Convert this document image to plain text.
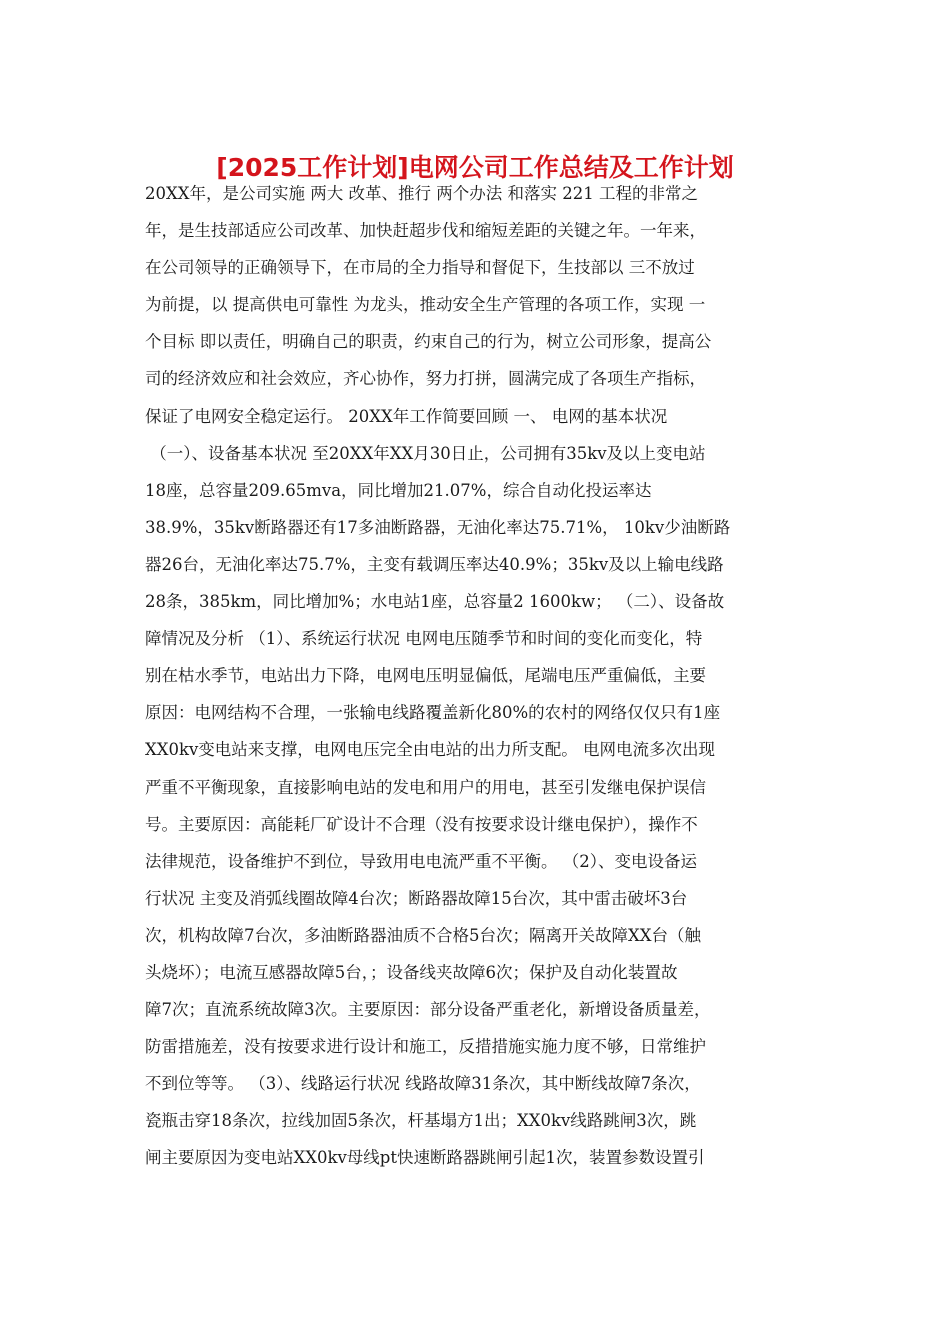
[2025工作计划]电网公司工作总结及工作计划
20XX年，是公司实施 两大 改革、推行 两个办法 和落实 221 工程的非常之
年，是生技部适应公司改革、加快赶超步伐和缩短差距的关键之年。一年来，
在公司领导的正确领导下，在市局的全力指导和督促下，生技部以 三不放过
为前提，以 提高供电可靠性 为龙头，推动安全生产管理的各项工作，实现 一
个目标 即以责任，明确自己的职责，约束自己的行为，树立公司形象，提高公
司的经济效应和社会效应，齐心协作，努力打拼，圆满完成了各项生产指标，
保证了电网安全稳定运行。 20XX年工作简要回顾 一、 电网的基本状况
（一）、设备基本状况 至20XX年XX月30日止，公司拥有35kv及以上变电站
18座，总容量209.65mva，同比增加21.07%，综合自动化投运率达
38.9%，35kv断路器还有17多油断路器，无油化率达75.71%， 10kv少油断路
器26台，无油化率达75.7%，主变有载调压率达40.9%；35kv及以上输电线路
28条，385km，同比增加%；水电站1座，总容量2 1600kw； （二）、设备故
障情况及分析 （1）、系统运行状况 电网电压随季节和时间的变化而变化，特
别在枯水季节，电站出力下降，电网电压明显偏低，尾端电压严重偏低，主要
原因：电网结构不合理，一张输电线路覆盖新化80%的农村的网络仅仅只有1座
XX0kv变电站来支撑，电网电压完全由电站的出力所支配。 电网电流多次出现
严重不平衡现象，直接影响电站的发电和用户的用电，甚至引发继电保护误信
号。主要原因：高能耗厂矿设计不合理（没有按要求设计继电保护），操作不
法律规范，设备维护不到位，导致用电电流严重不平衡。 （2）、变电设备运
行状况 主变及消弧线圈故障4台次；断路器故障15台次，其中雷击破坏3台
次，机构故障7台次，多油断路器油质不合格5台次；隔离开关故障XX台（触
头烧坏）；电流互感器故障5台，；设备线夹故障6次；保护及自动化装置故
障7次；直流系统故障3次。主要原因：部分设备严重老化，新增设备质量差，
防雷措施差，没有按要求进行设计和施工，反措措施实施力度不够，日常维护
不到位等等。 （3）、线路运行状况 线路故障31条次，其中断线故障7条次，
瓷瓶击穿18条次，拉线加固5条次，杆基塌方1出；XX0kv线路跳闸3次，跳
闸主要原因为变电站XX0kv母线pt快速断路器跳闸引起1次，装置参数设置引
